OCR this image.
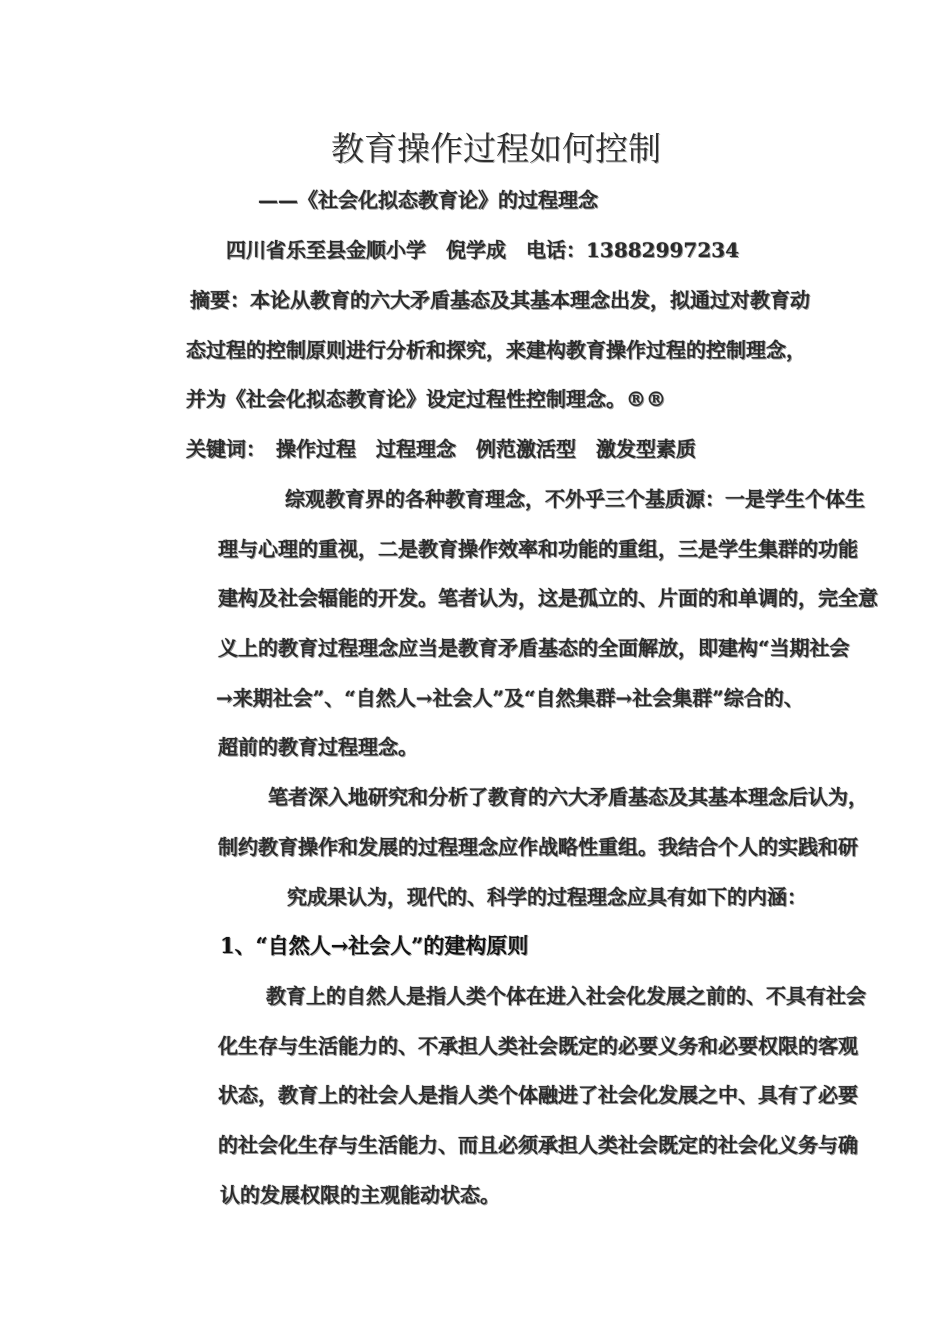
教育操作过程如何控制
——《社会化拟态教育论》的过程理念
四川省乐至县金顺小学　倪学成　电话：13882997234
摘要：本论从教育的六大矛盾基态及其基本理念出发，拟通过对教育动
态过程的控制原则进行分析和探究，来建构教育操作过程的控制理念，
并为《社会化拟态教育论》设定过程性控制理念。®®
关键词：　操作过程　过程理念　例范激活型　激发型素质
综观教育界的各种教育理念，不外乎三个基质源：一是学生个体生
理与心理的重视，二是教育操作效率和功能的重组，三是学生集群的功能
建构及社会辐能的开发。笔者认为，这是孤立的、片面的和单调的，完全意
义上的教育过程理念应当是教育矛盾基态的全面解放，即建构“当期社会
→来期社会”、“自然人→社会人”及“自然集群→社会集群”综合的、
超前的教育过程理念。
笔者深入地研究和分析了教育的六大矛盾基态及其基本理念后认为，
制约教育操作和发展的过程理念应作战略性重组。我结合个人的实践和研
究成果认为，现代的、科学的过程理念应具有如下的内涵：
1、“自然人→社会人”的建构原则
教育上的自然人是指人类个体在进入社会化发展之前的、不具有社会
化生存与生活能力的、不承担人类社会既定的必要义务和必要权限的客观
状态，教育上的社会人是指人类个体融进了社会化发展之中、具有了必要
的社会化生存与生活能力、而且必须承担人类社会既定的社会化义务与确
认的发展权限的主观能动状态。
